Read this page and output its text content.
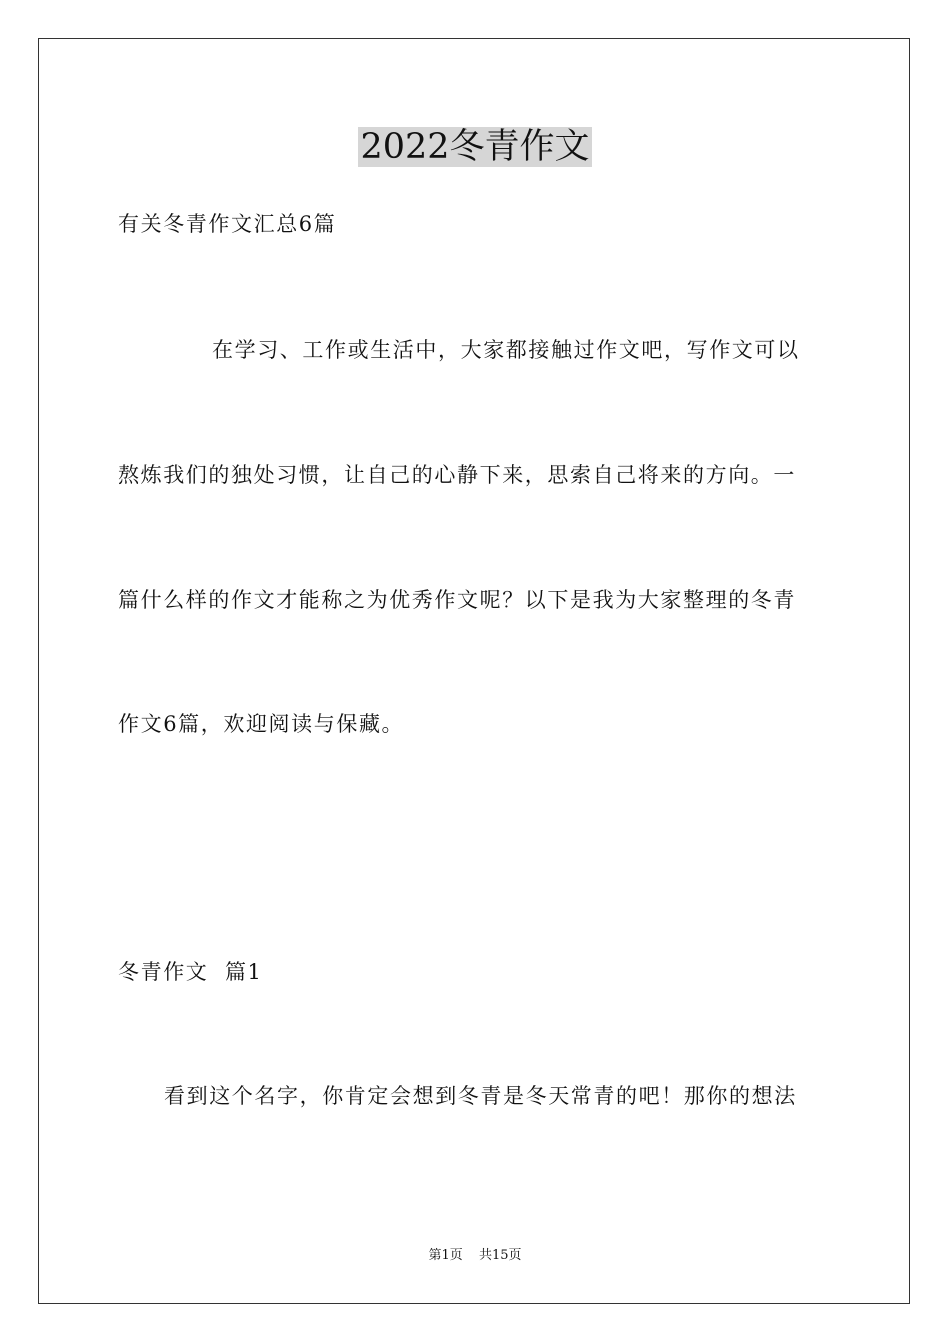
2022冬青作文

有关冬青作文汇总6篇

在学习、工作或生活中，大家都接触过作文吧，写作文可以

熬炼我们的独处习惯，让自己的心静下来，思索自己将来的方向。一

篇什么样的作文才能称之为优秀作文呢？以下是我为大家整理的冬青

作文6篇，欢迎阅读与保藏。

冬青作文  篇1

看到这个名字，你肯定会想到冬青是冬天常青的吧！那你的想法

第1页 共15页
